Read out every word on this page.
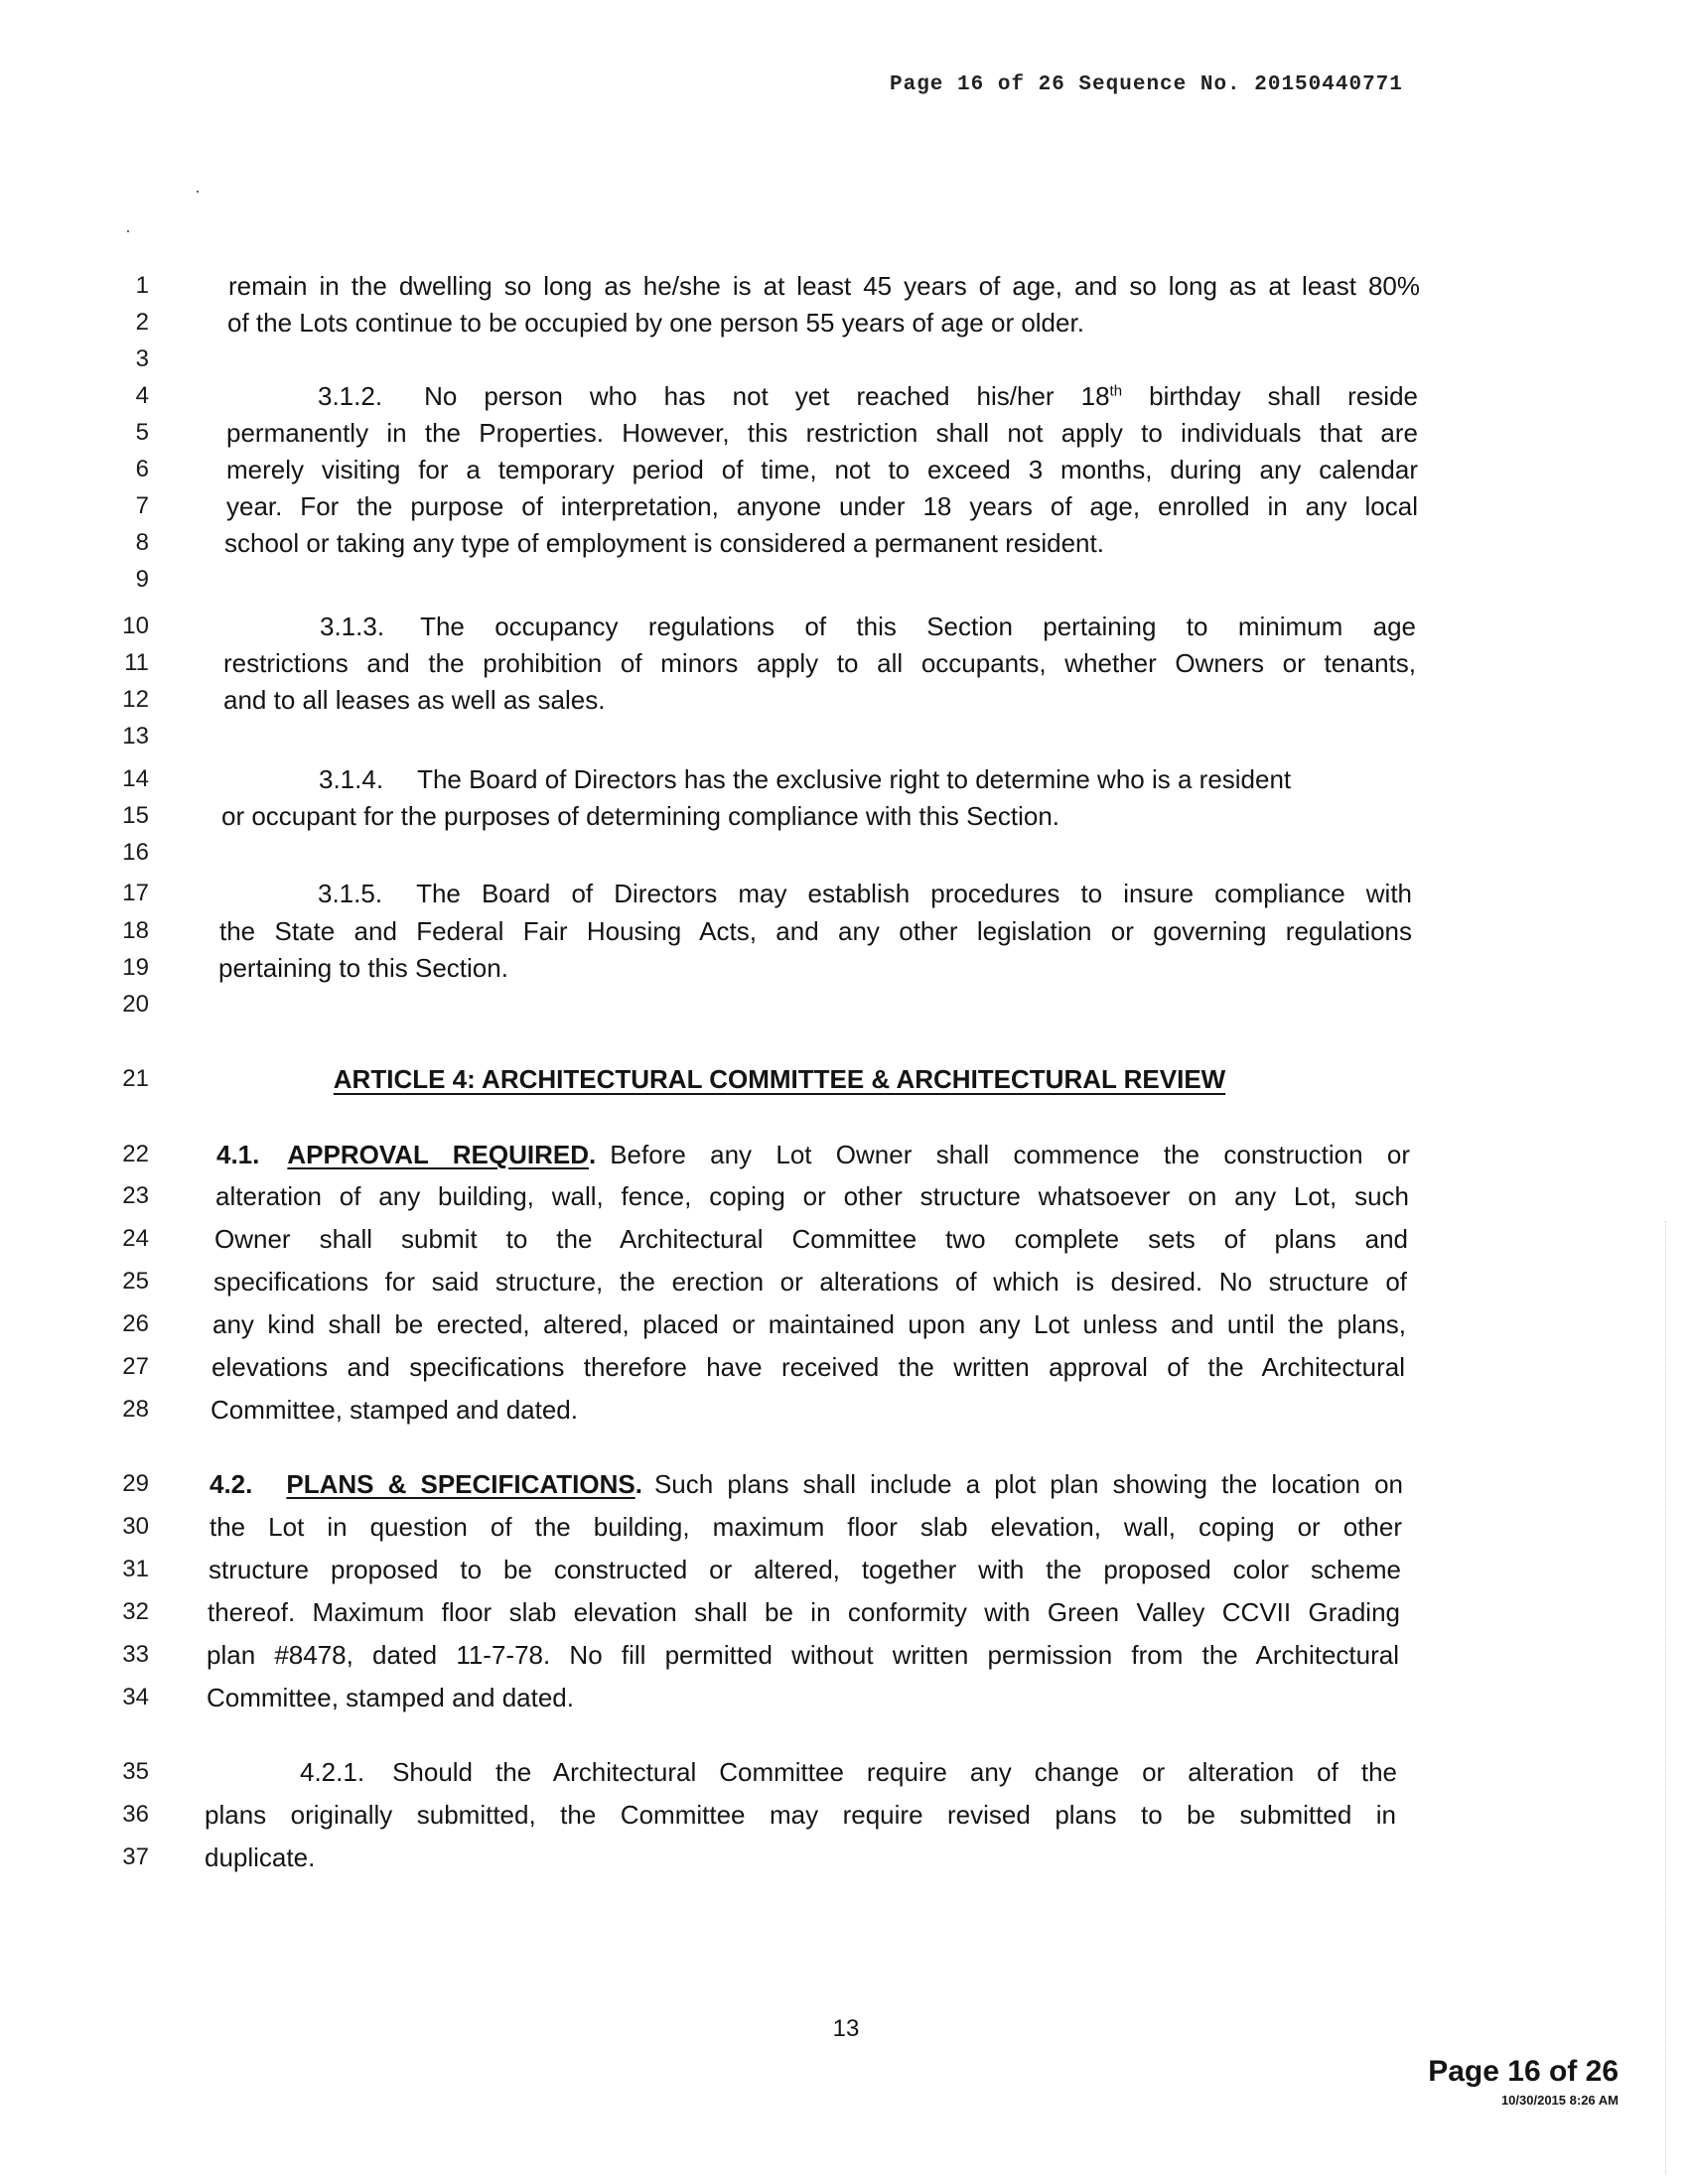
Page 16 of 26 Sequence No. 20150440771
1
2
3
4
5
6
7
8
9
10
11
12
13
14
15
16
17
18
19
20
21
22
23
24
25
26
27
28
29
30
31
32
33
34
35
36
37
remain in the dwelling so long as he/she is at least 45 years of age, and so long as at least 80%
of the Lots continue to be occupied by one person 55 years of age or older.
3.1.2. No person who has not yet reached his/her 18th birthday shall reside
permanently in the Properties. However, this restriction shall not apply to individuals that are
merely visiting for a temporary period of time, not to exceed 3 months, during any calendar
year. For the purpose of interpretation, anyone under 18 years of age, enrolled in any local
school or taking any type of employment is considered a permanent resident.
3.1.3. The occupancy regulations of this Section pertaining to minimum age
restrictions and the prohibition of minors apply to all occupants, whether Owners or tenants,
and to all leases as well as sales.
3.1.4. The Board of Directors has the exclusive right to determine who is a resident
or occupant for the purposes of determining compliance with this Section.
3.1.5. The Board of Directors may establish procedures to insure compliance with
the State and Federal Fair Housing Acts, and any other legislation or governing regulations
pertaining to this Section.
ARTICLE 4: ARCHITECTURAL COMMITTEE & ARCHITECTURAL REVIEW
4.1. APPROVAL REQUIRED. Before any Lot Owner shall commence the construction or
alteration of any building, wall, fence, coping or other structure whatsoever on any Lot, such
Owner shall submit to the Architectural Committee two complete sets of plans and
specifications for said structure, the erection or alterations of which is desired. No structure of
any kind shall be erected, altered, placed or maintained upon any Lot unless and until the plans,
elevations and specifications therefore have received the written approval of the Architectural
Committee, stamped and dated.
4.2. PLANS & SPECIFICATIONS. Such plans shall include a plot plan showing the location on
the Lot in question of the building, maximum floor slab elevation, wall, coping or other
structure proposed to be constructed or altered, together with the proposed color scheme
thereof. Maximum floor slab elevation shall be in conformity with Green Valley CCVII Grading
plan #8478, dated 11-7-78. No fill permitted without written permission from the Architectural
Committee, stamped and dated.
4.2.1. Should the Architectural Committee require any change or alteration of the
plans originally submitted, the Committee may require revised plans to be submitted in
duplicate.
13
Page 16 of 26
10/30/2015 8:26 AM
